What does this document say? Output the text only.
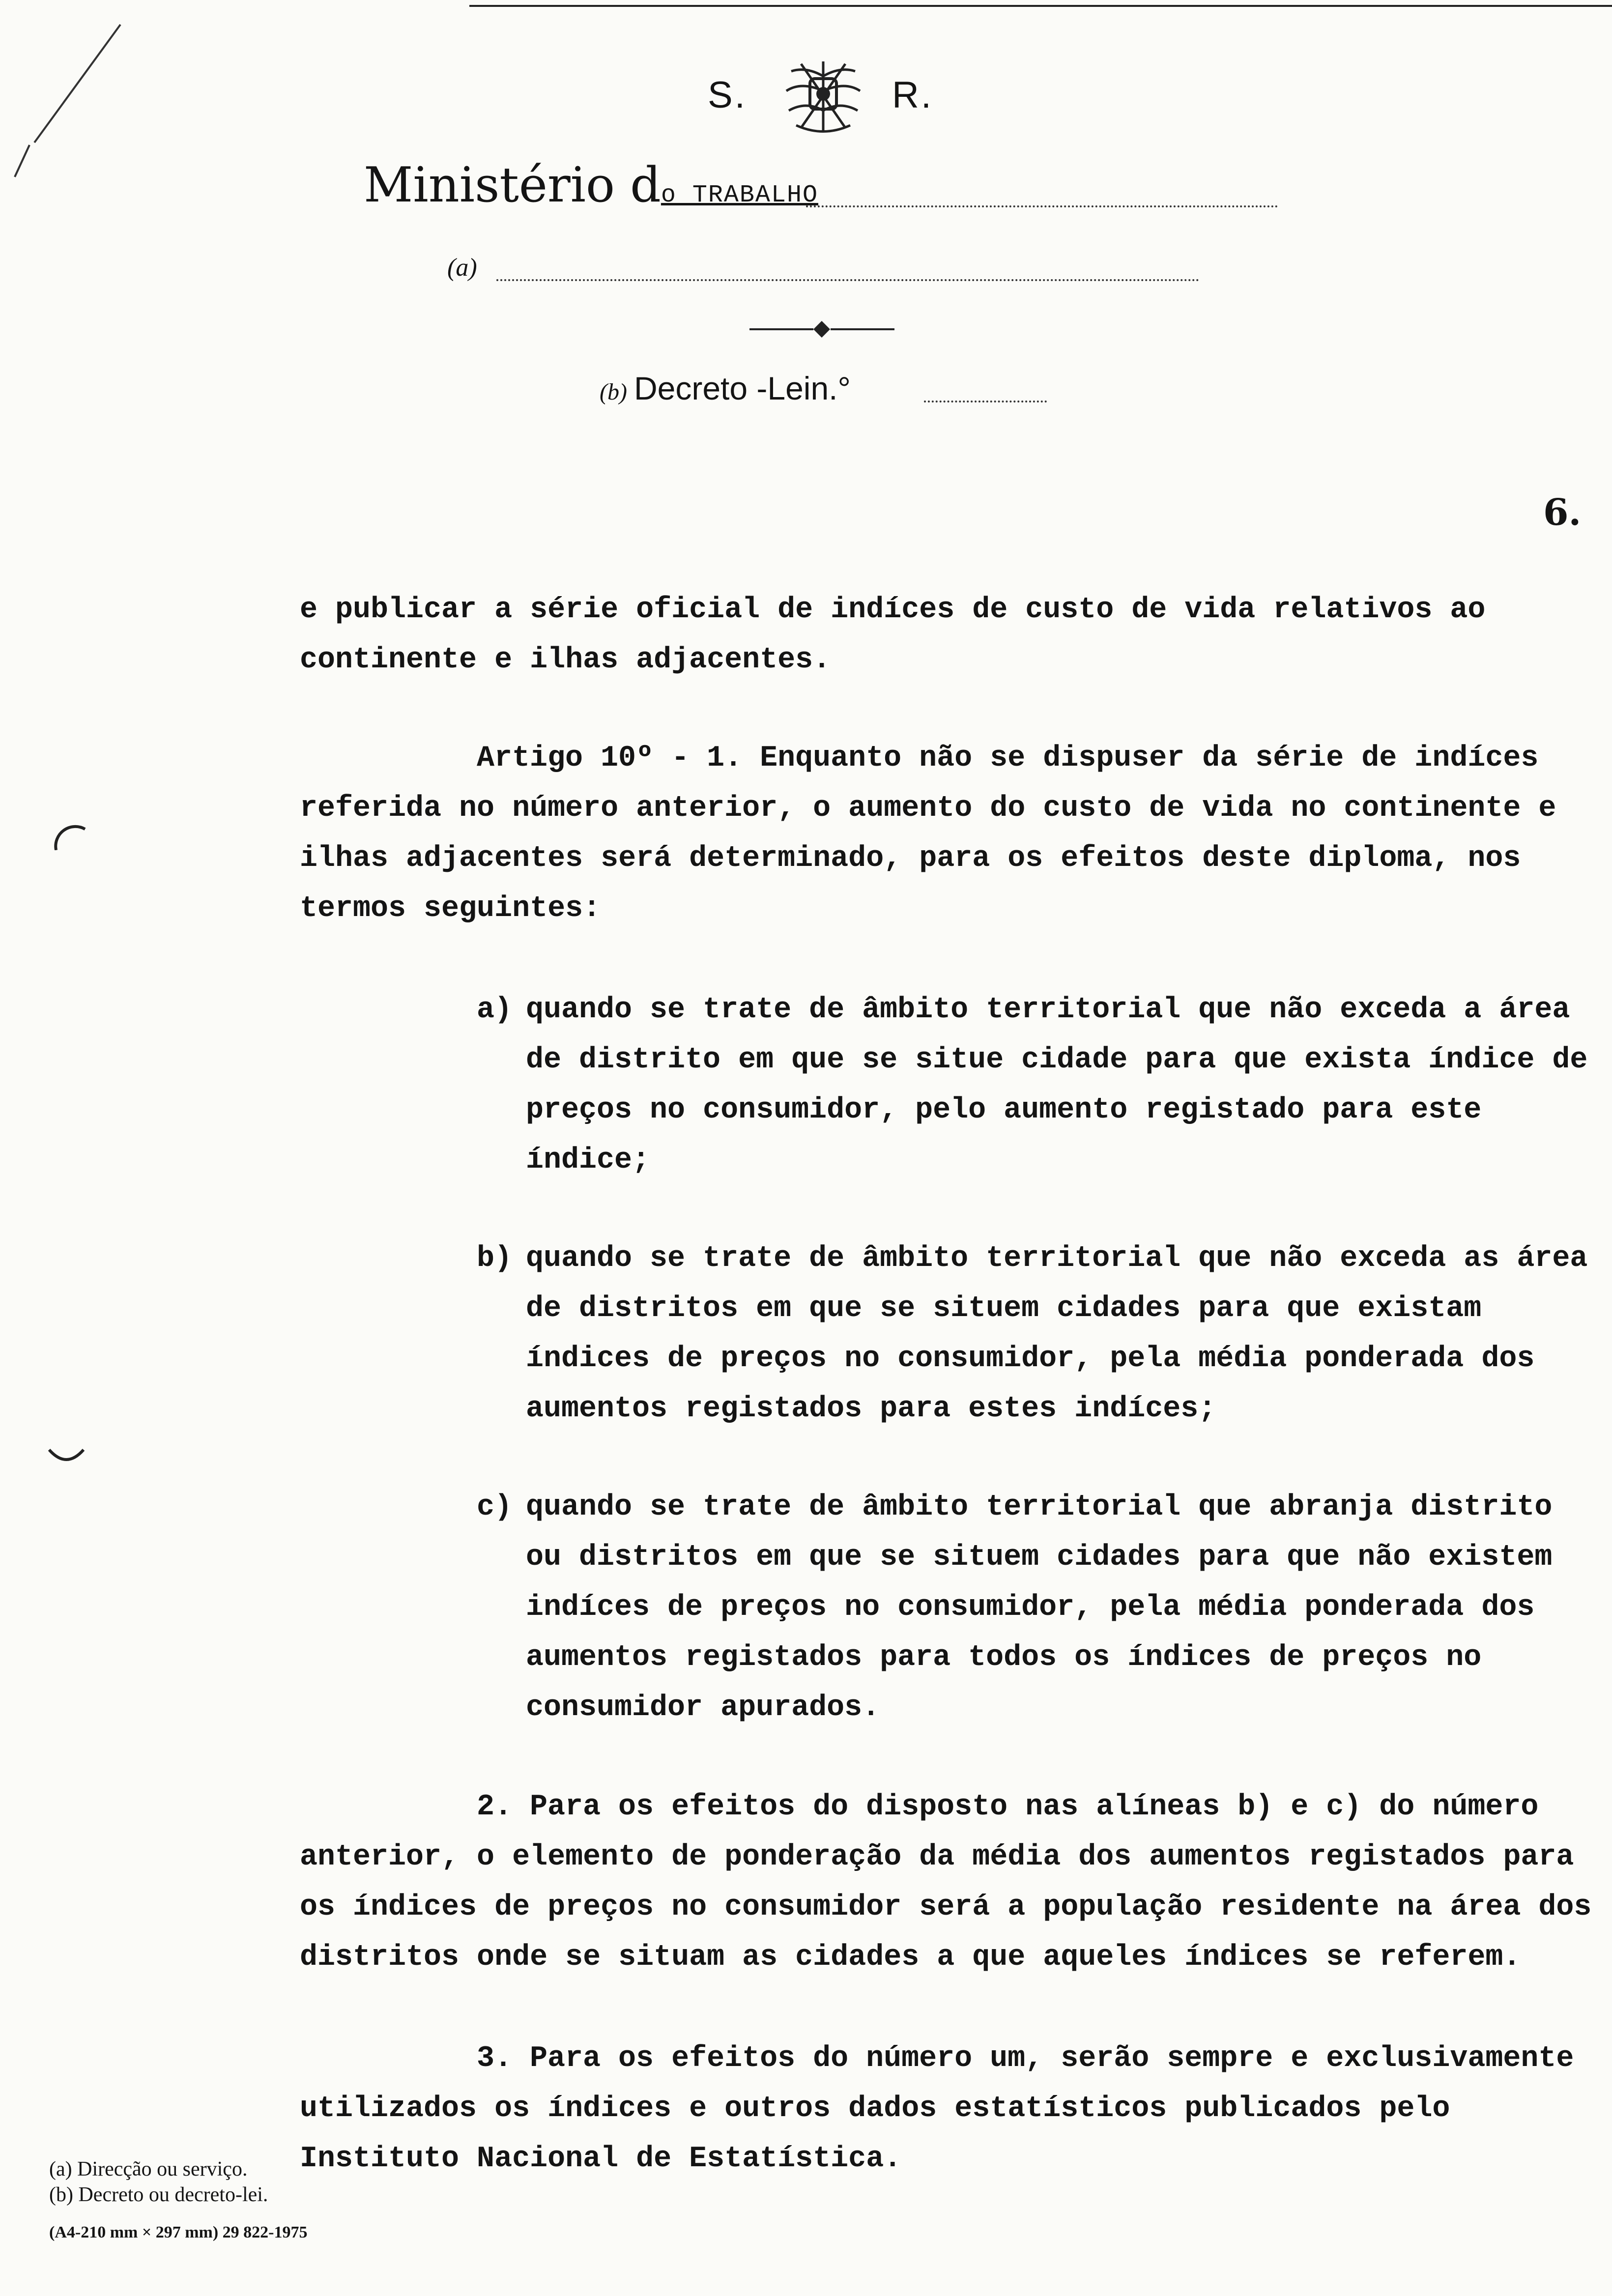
S.	R.
Ministério do TRABALHO
(a)
(b) Decreto -Lein.°
6.

e publicar a série oficial de indíces de custo de vida relativos ao continente e ilhas adjacentes.

Artigo 10º - 1. Enquanto não se dispuser da série de indíces referida no número anterior, o aumento do custo de vida no continente e ilhas adjacentes será determinado, para os efeitos deste diploma, nos termos seguintes:

a) quando se trate de âmbito territorial que não exceda a área de distrito em que se situe cidade para que exista índice de preços no consumidor, pelo aumento registado para este índice;
b) quando se trate de âmbito territorial que não exceda as área de distritos em que se situem cidades para que existam índices de preços no consumidor, pela média ponderada dos aumentos registados para estes indíces;
c) quando se trate de âmbito territorial que abranja distrito ou distritos em que se situem cidades para que não existem indíces de preços no consumidor, pela média ponderada dos aumentos registados para todos os índices de preços no consumidor apurados.

2. Para os efeitos do disposto nas alíneas b) e c) do número anterior, o elemento de ponderação da média dos aumentos registados para os índices de preços no consumidor será a população residente na área dos distritos onde se situam as cidades a que aqueles índices se referem.

3. Para os efeitos do número um, serão sempre e exclusivamente utilizados os índices e outros dados estatísticos publicados pelo Instituto Nacional de Estatística.

(a) Direcção ou serviço.
(b) Decreto ou decreto-lei.
(A4-210 mm × 297 mm) 29 822-1975
